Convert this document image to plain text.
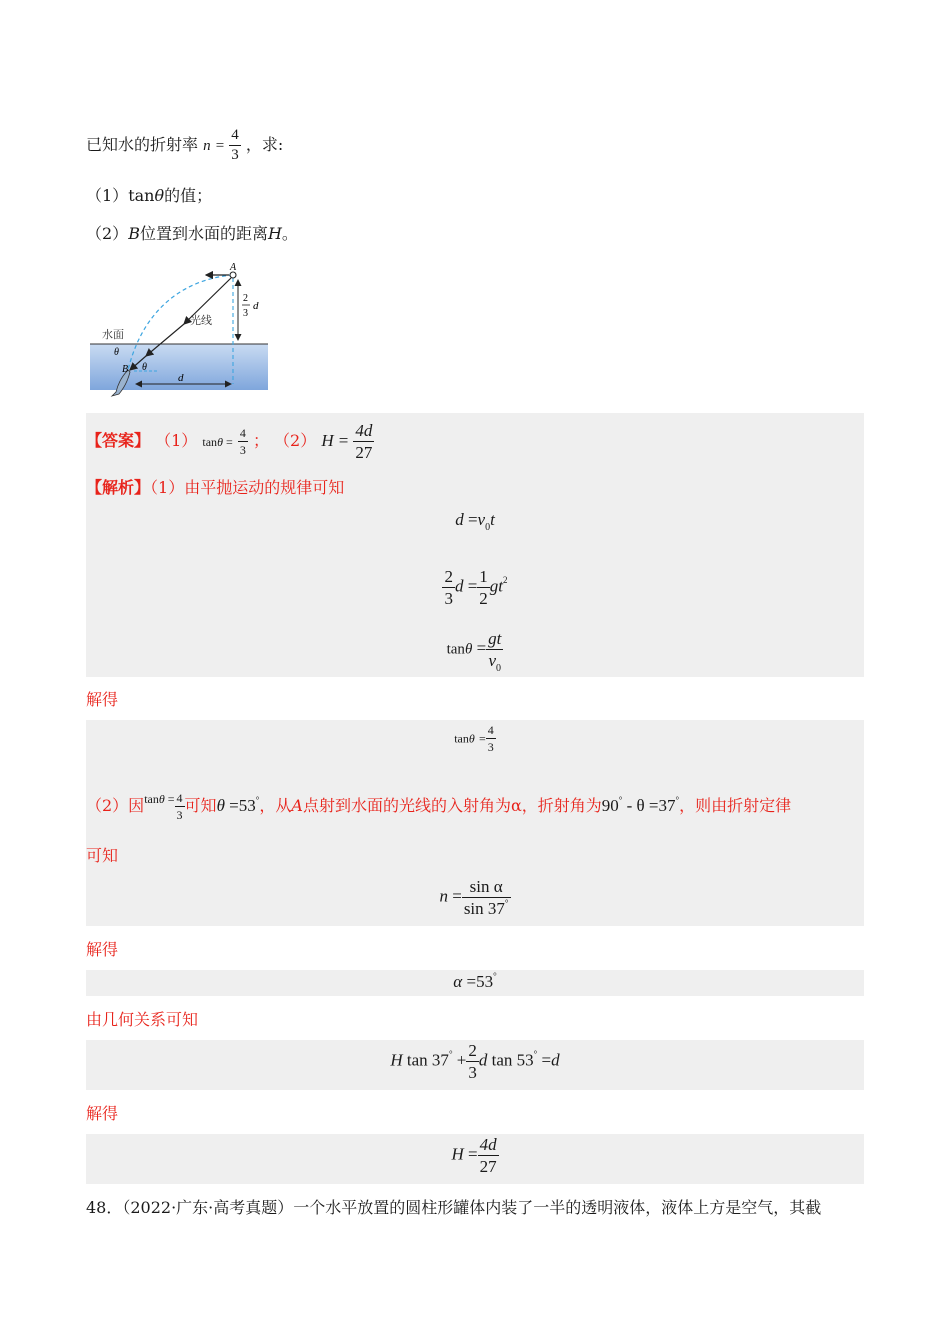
已知水的折射率 $n = \frac{4}{3}$ ，求:
（1）tanθ的值；
（2）B位置到水面的距离H。
A
光线
水面
θ
B θ
d
2
3
d
【答案】 （1） $\tan\theta = \frac{4}{3}$ ； （2） $H = \frac{4d}{27}$
【解析】（1）由平抛运动的规律可知
$d =v_0t$
$\frac{2}{3}$ $d = \frac{1}{2} gt^2$
$\tan\theta = \frac{gt}{v_0}$
解得
$\tan\theta = \frac{4}{3}$
（2）因$^{tan\theta =} \frac{4}{3}$ 可知θ =53°，从A点射到水面的光线的入射角为α，折射角为90° - θ =37°，则由折射定律
可知
$n = \frac{\text{sin α}}{\sin 37^\circ}$
解得
α =53°
由几何关系可知
H $\tan 37^\circ + \frac{2}{3}$ d tan 53° =d
解得
$H = \frac{4d}{27}$
48．（2022·广东·高考真题）一个水平放置的圆柱形罐体内装了一半的透明液体，液体上方是空气，其截
